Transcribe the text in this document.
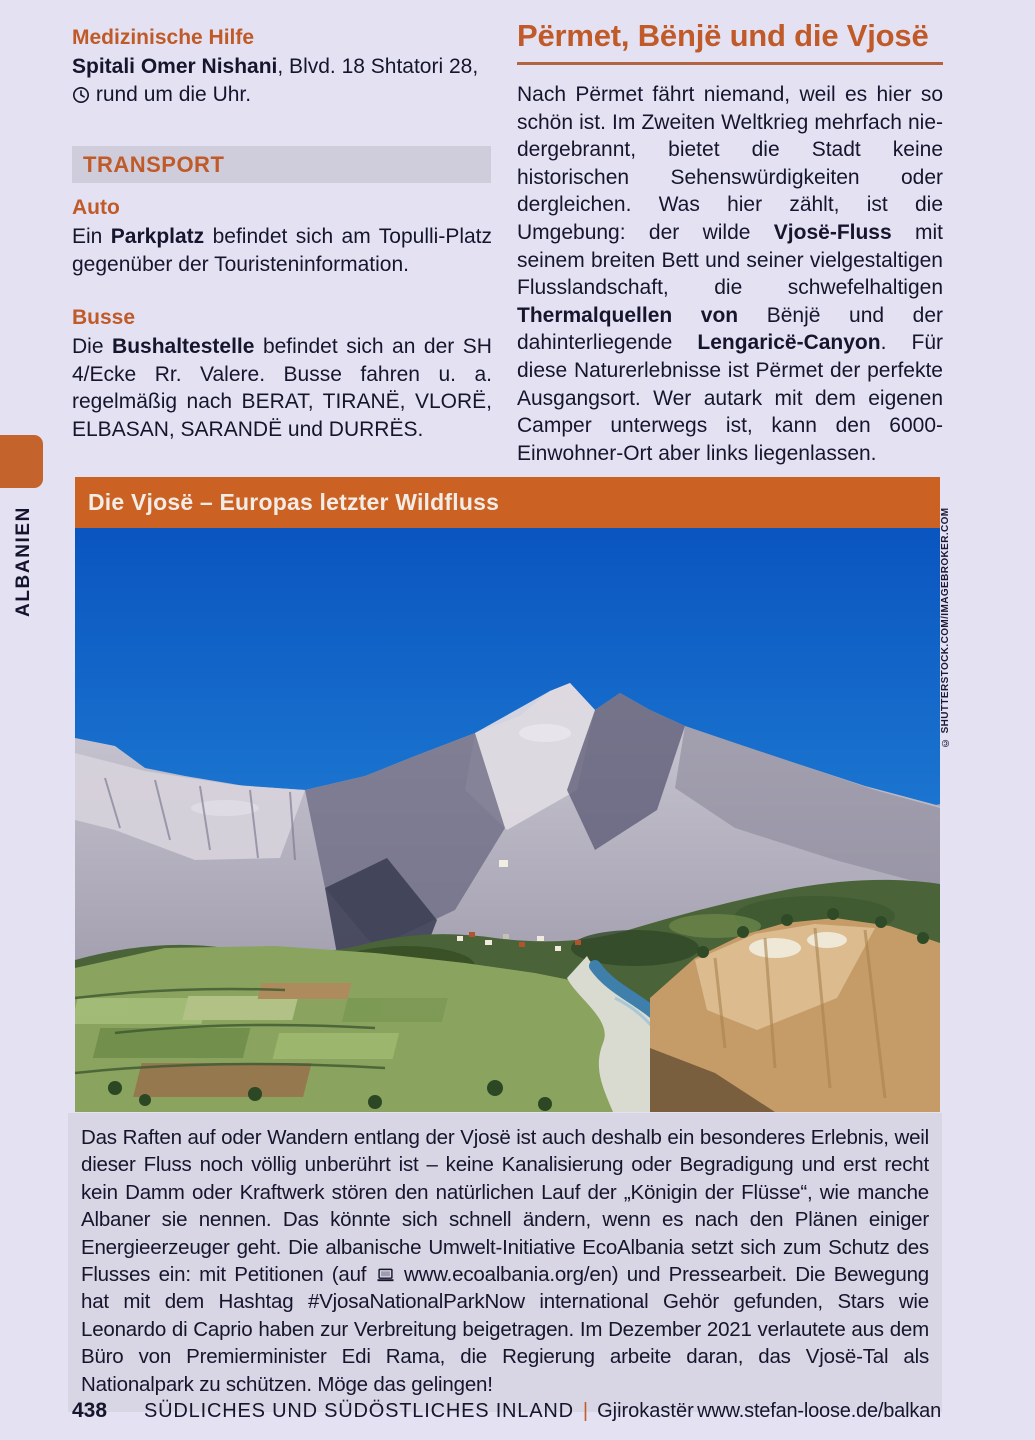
ALBANIEN
Medizinische Hilfe

Spitali Omer Nishani, Blvd. 18 Shtatori 28,

rund um die Uhr.

TRANSPORT
Auto

Ein Parkplatz befindet sich am Topulli-Platz gegenüber der Touristeninformation.

Busse

Die Bushaltestelle befindet sich an der SH 4/Ecke Rr. Valere. Busse fahren u. a. regelmäßig nach BERAT, TIRANË, VLORË, ELBASAN, SARANDË und DURRËS.

Përmet, Bënjë und die Vjosë

Nach Përmet fährt niemand, weil es hier so schön ist. Im Zweiten Weltkrieg mehrfach niedergebrannt, bietet die Stadt keine historischen Sehenswürdigkeiten oder dergleichen. Was hier zählt, ist die Umgebung: der wilde Vjosë-Fluss mit seinem breiten Bett und seiner vielgestaltigen Flusslandschaft, die schwefelhaltigen Thermalquellen von Bënjë und der dahinterliegende Lengaricë-Canyon. Für diese Naturerlebnisse ist Përmet der perfekte Ausgangsort. Wer autark mit dem eigenen Camper unterwegs ist, kann den 6000-Einwohner-Ort aber links liegenlassen.

Die Vjosë – Europas letzter Wildfluss
© SHUTTERSTOCK.COM/IMAGEBROKER.COM

Das Raften auf oder Wandern entlang der Vjosë ist auch deshalb ein besonderes Erlebnis, weil dieser Fluss noch völlig unberührt ist – keine Kanalisierung oder Begradigung und erst recht kein Damm oder Kraftwerk stören den natürlichen Lauf der „Königin der Flüsse“, wie manche Albaner sie nennen. Das könnte sich schnell ändern, wenn es nach den Plänen einiger Energieerzeuger geht. Die albanische Umwelt-Initiative EcoAlbania setzt sich zum Schutz des Flusses ein: mit Petitionen (auf
www.ecoalbania.org/en) und Pressearbeit. Die Bewegung hat mit dem Hashtag #VjosaNationalParkNow international Gehör gefunden, Stars wie Leonardo di Caprio haben zur Verbreitung beigetragen. Im Dezember 2021 verlautete aus dem Büro von Premierminister Edi Rama, die Regierung arbeite daran, das Vjosë-Tal als Nationalpark zu schützen. Möge das gelingen!

438 SÜDLICHES UND SÜDÖSTLICHES INLAND | Gjirokastër www.stefan-loose.de/balkan
